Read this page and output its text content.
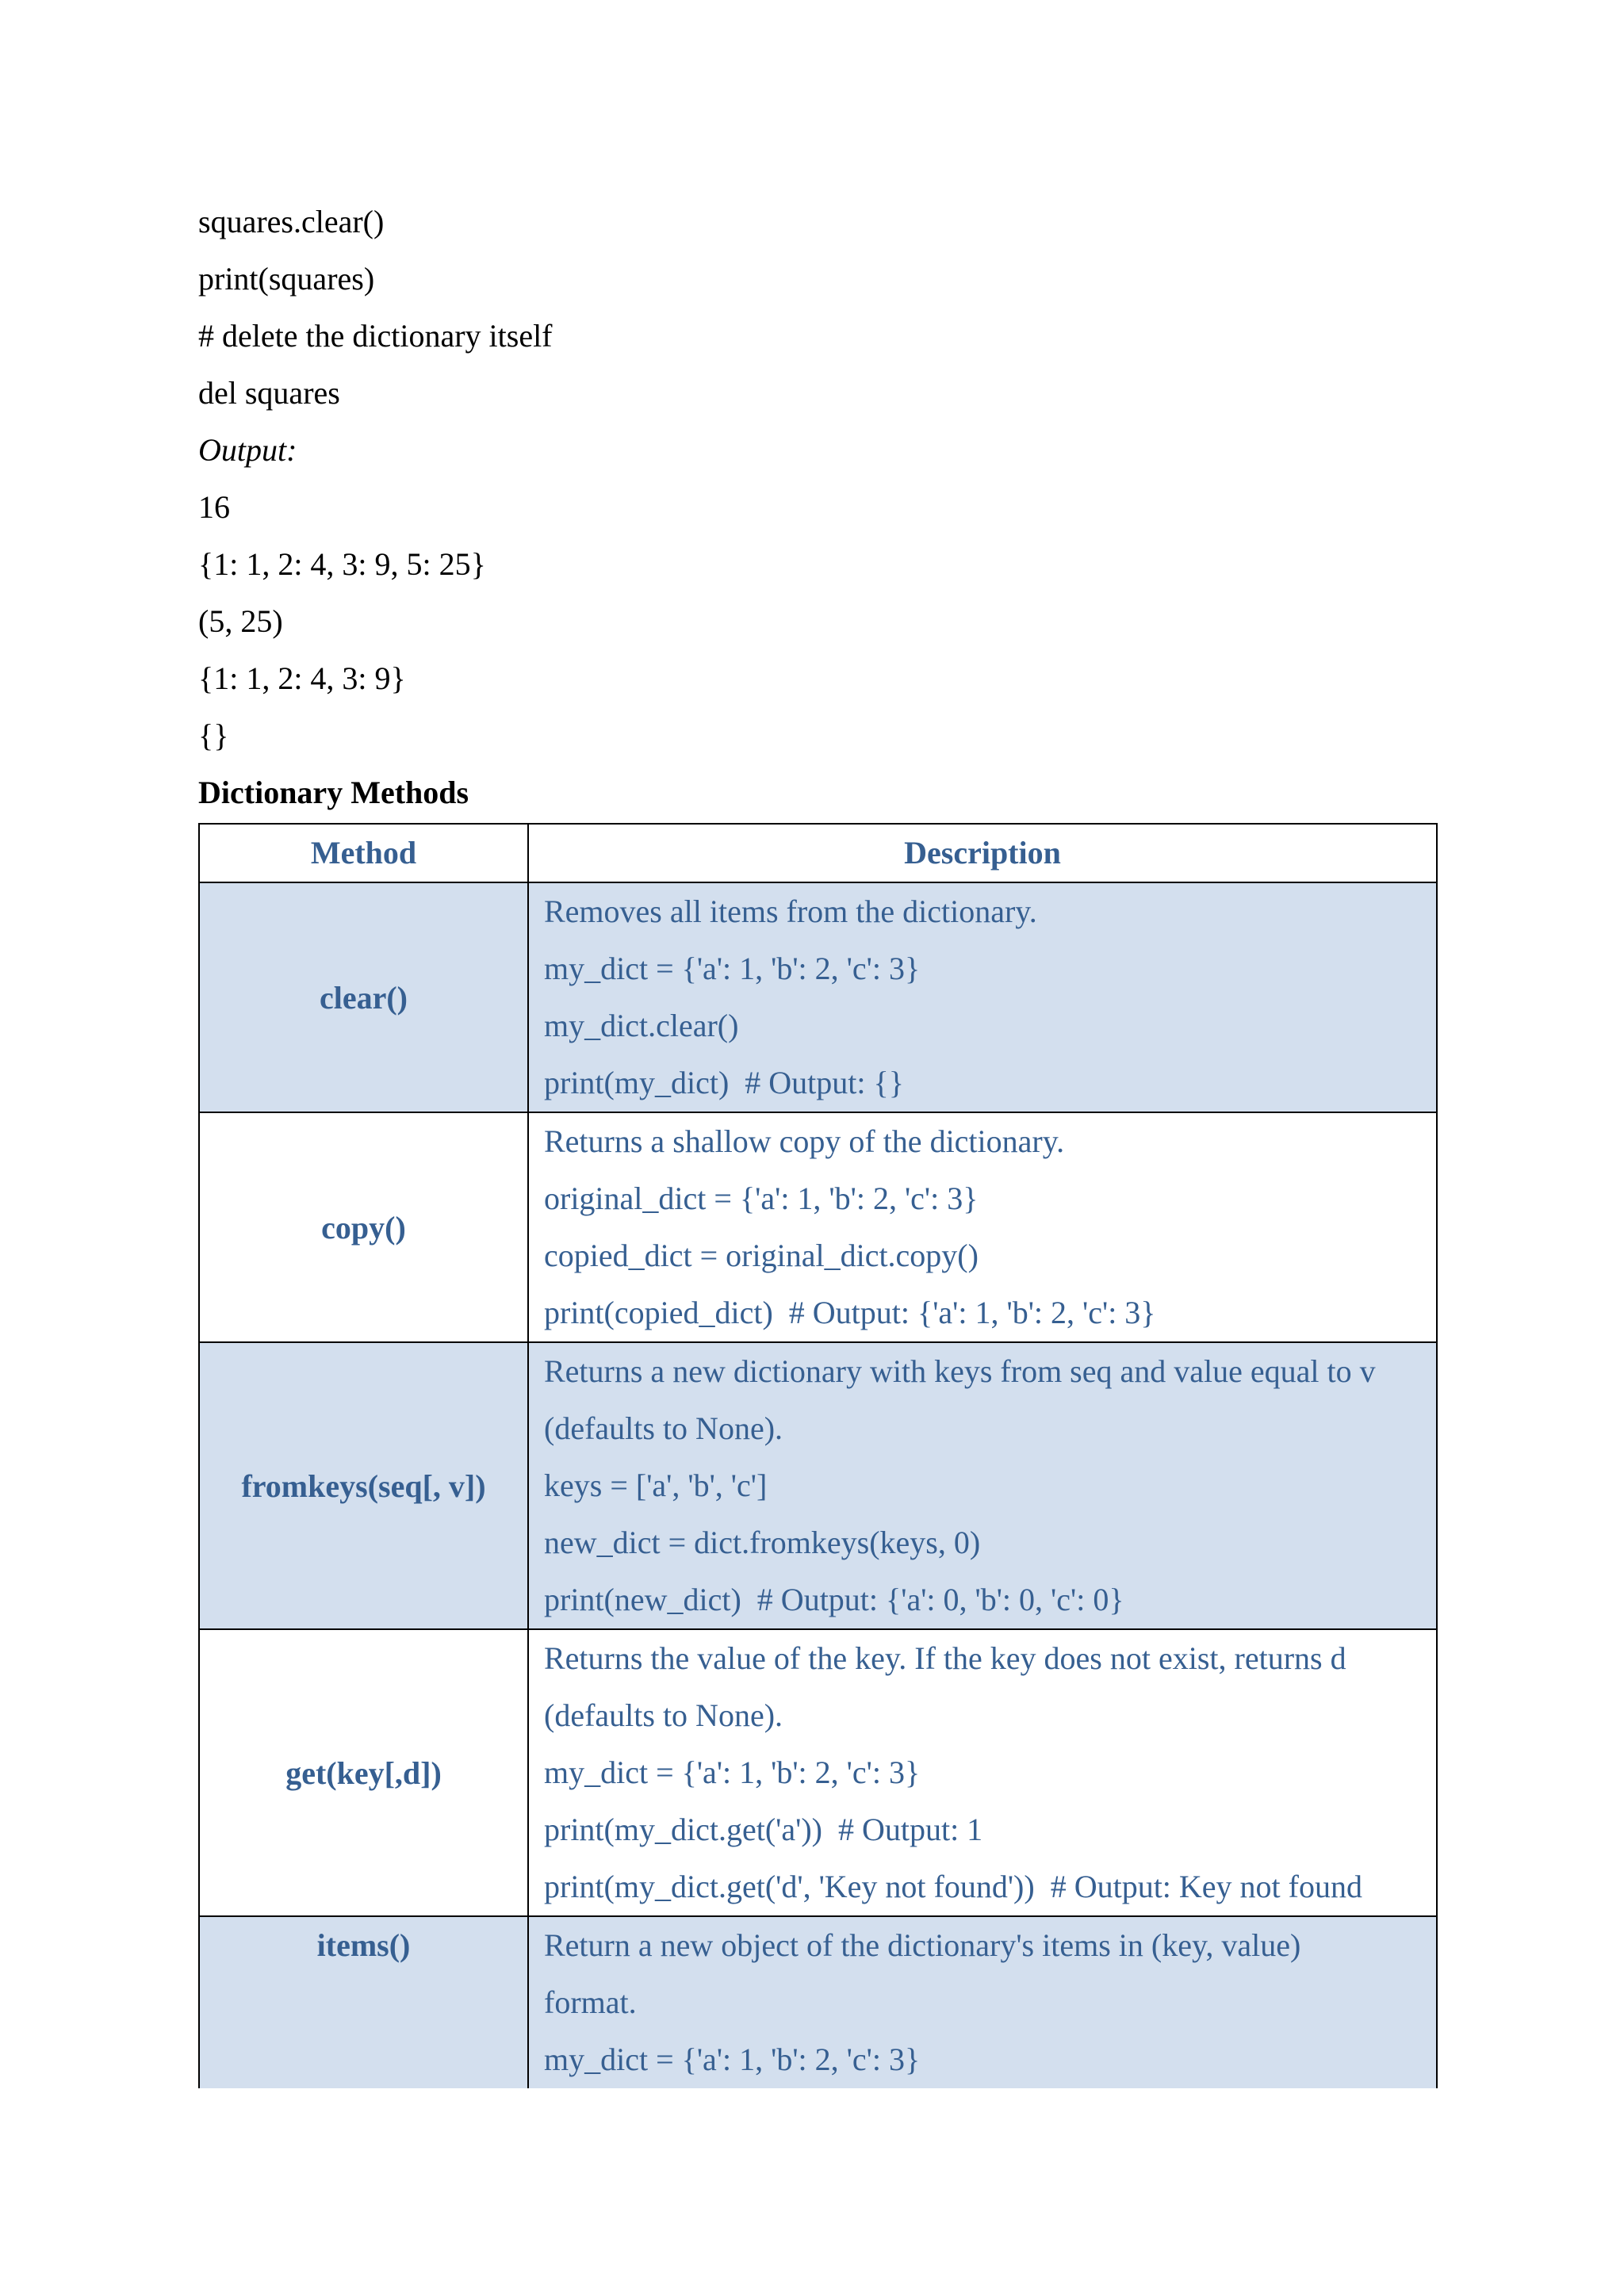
squares.clear()
print(squares)
# delete the dictionary itself
del squares
Output:
16
{1: 1, 2: 4, 3: 9, 5: 25}
(5, 25)
{1: 1, 2: 4, 3: 9}
{}
Dictionary Methods
Method	Description
clear()	Removes all items from the dictionary.
my_dict = {'a': 1, 'b': 2, 'c': 3}
my_dict.clear()
print(my_dict)  # Output: {}

copy()	Returns a shallow copy of the dictionary.
original_dict = {'a': 1, 'b': 2, 'c': 3}
copied_dict = original_dict.copy()
print(copied_dict)  # Output: {'a': 1, 'b': 2, 'c': 3}

fromkeys(seq[, v])	Returns a new dictionary with keys from seq and value equal to v
(defaults to None).
keys = ['a', 'b', 'c']
new_dict = dict.fromkeys(keys, 0)
print(new_dict)  # Output: {'a': 0, 'b': 0, 'c': 0}

get(key[,d])	Returns the value of the key. If the key does not exist, returns d
(defaults to None).
my_dict = {'a': 1, 'b': 2, 'c': 3}
print(my_dict.get('a'))  # Output: 1
print(my_dict.get('d', 'Key not found'))  # Output: Key not found

items()	Return a new object of the dictionary's items in (key, value)
format.
my_dict = {'a': 1, 'b': 2, 'c': 3}
